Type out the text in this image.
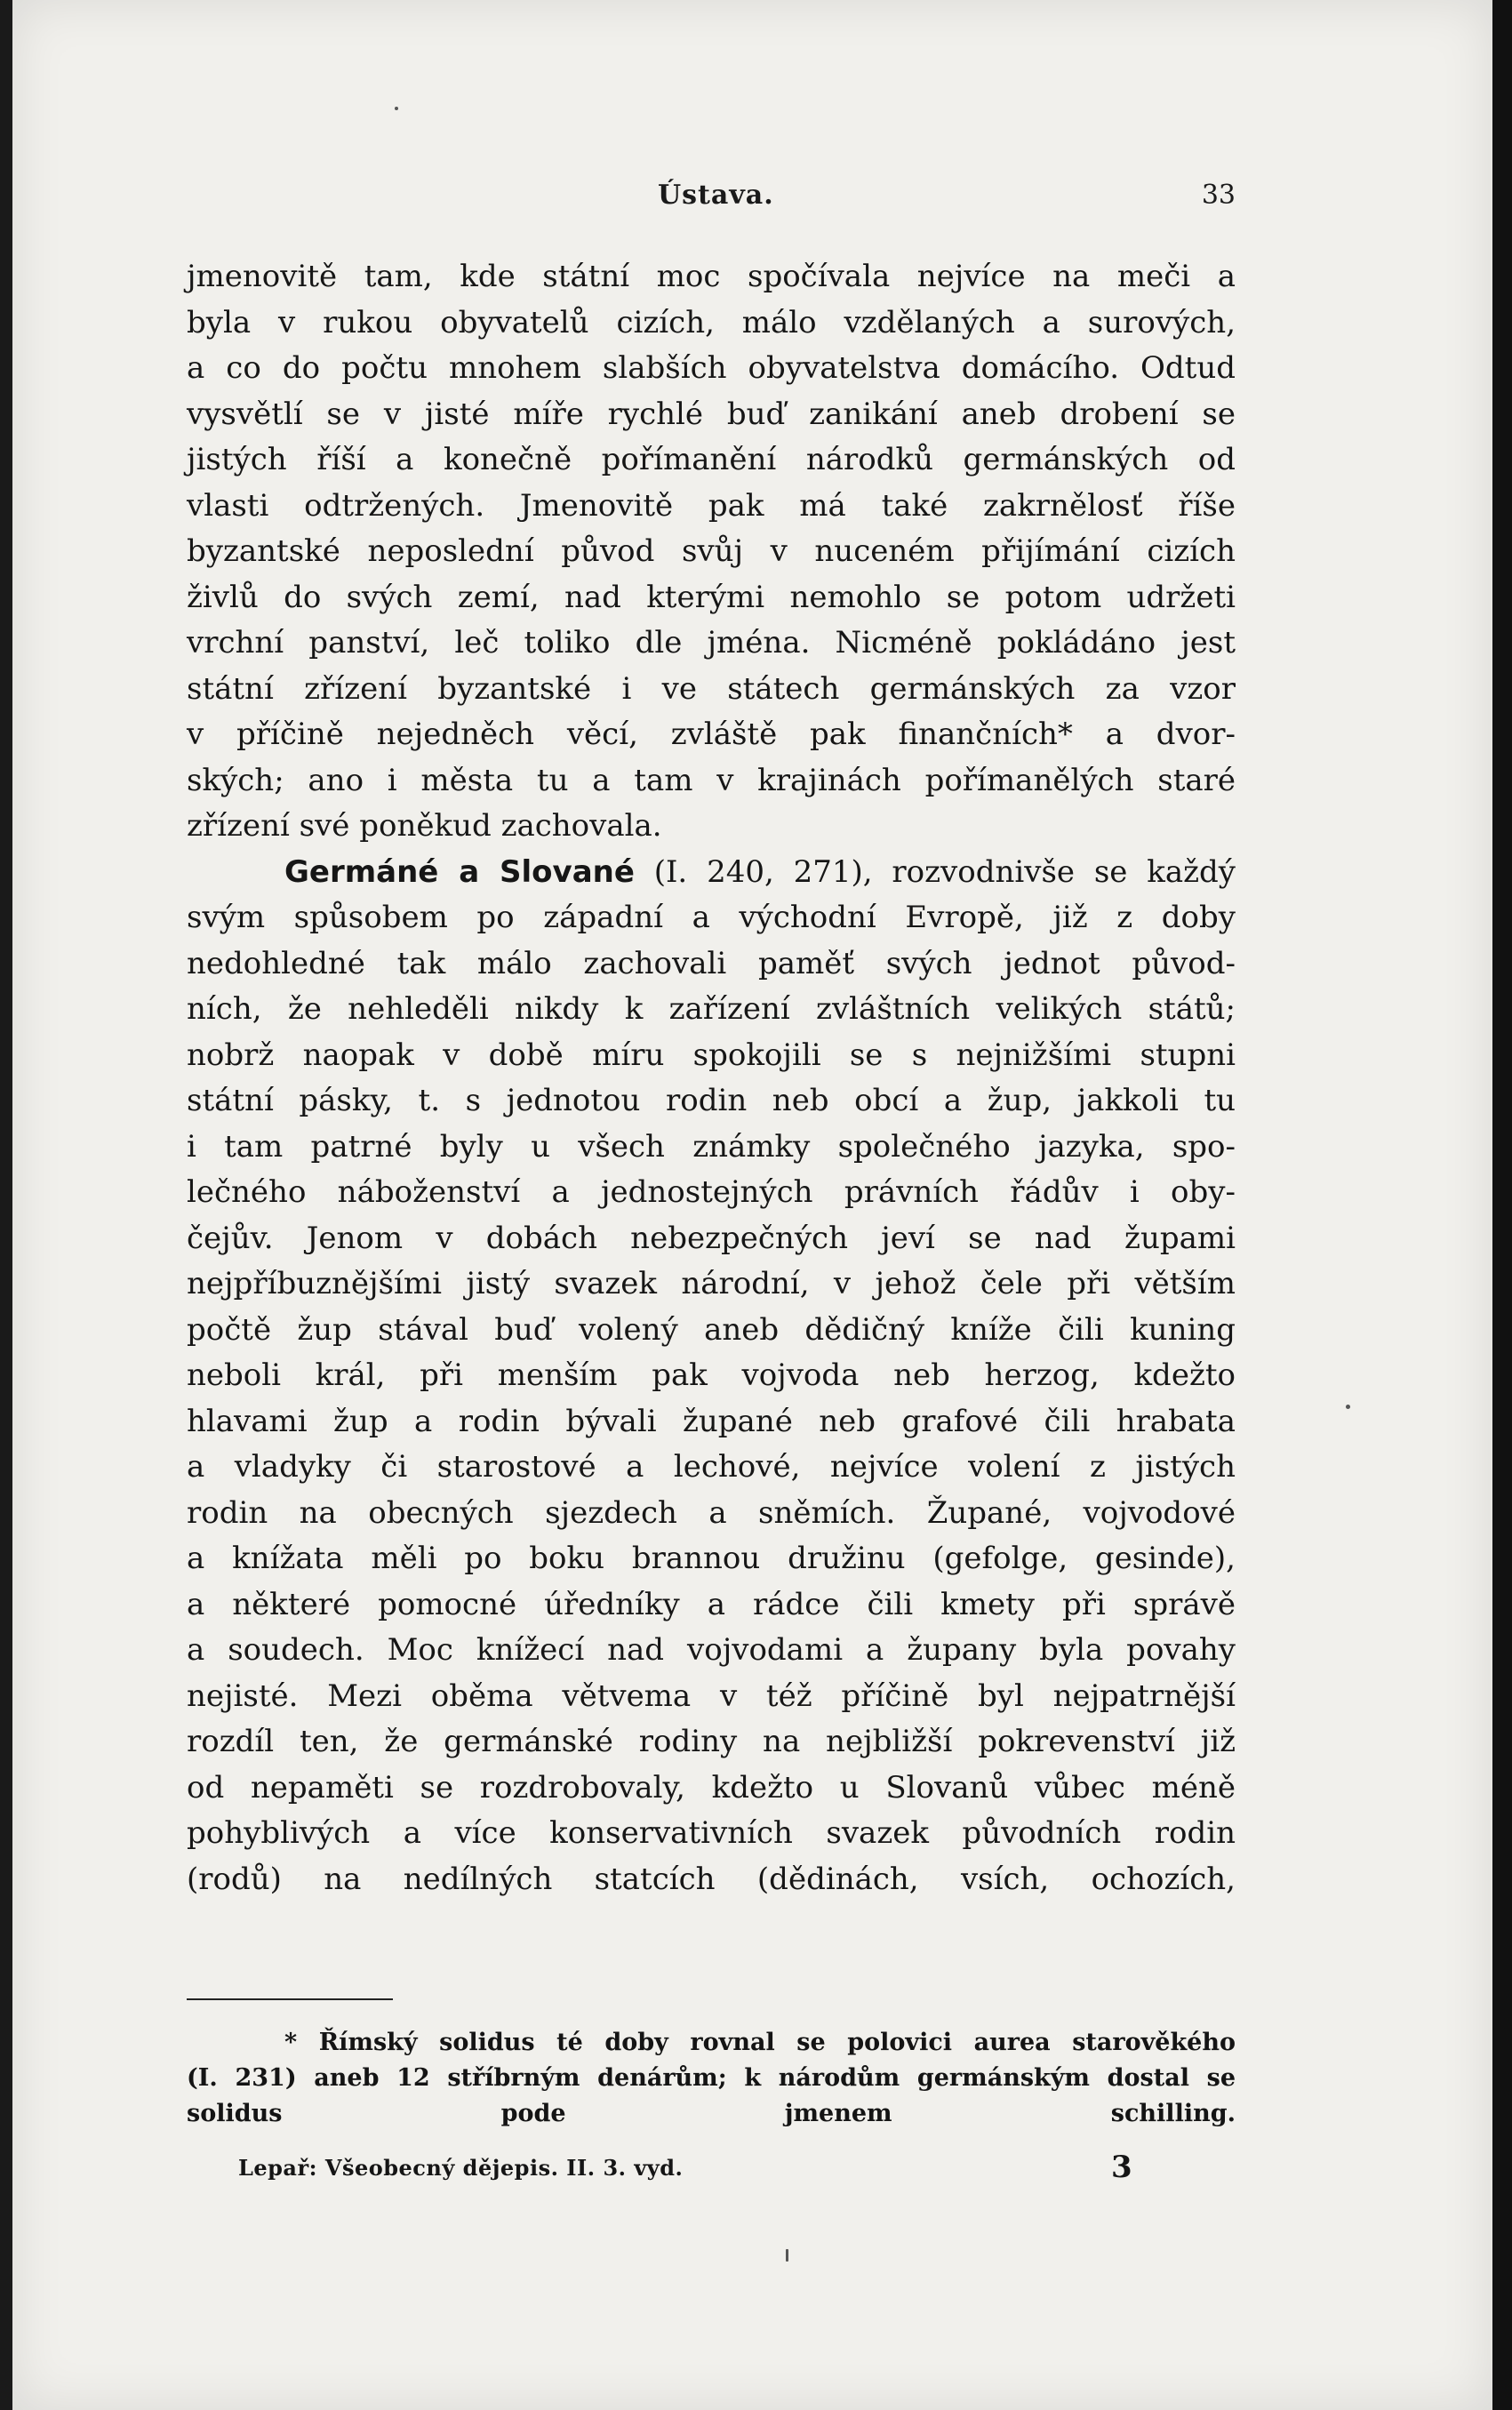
Ústava.	33
jmenovitě tam, kde státní moc spočívala nejvíce na meči a
byla v rukou obyvatelů cizích, málo vzdělaných a surových,
a co do počtu mnohem slabších obyvatelstva domácího. Odtud
vysvětlí se v jisté míře rychlé buď zanikání aneb drobení se
jistých říší a konečně pořímanění národků germánských od
vlasti odtržených. Jmenovitě pak má také zakrnělosť říše
byzantské neposlední původ svůj v nuceném přijímání cizích
živlů do svých zemí, nad kterými nemohlo se potom udržeti
vrchní panství, leč toliko dle jména. Nicméně pokládáno jest
státní zřízení byzantské i ve státech germánských za vzor
v příčině nejedněch věcí, zvláště pak finančních* a dvor-
ských; ano i města tu a tam v krajinách pořímanělých staré
zřízení své poněkud zachovala.
Germáné a Slované (I. 240, 271), rozvodnivše se každý
svým spůsobem po západní a východní Evropě, již z doby
nedohledné tak málo zachovali paměť svých jednot původ-
ních, že nehleděli nikdy k zařízení zvláštních velikých států;
nobrž naopak v době míru spokojili se s nejnižšími stupni
státní pásky, t. s jednotou rodin neb obcí a žup, jakkoli tu
i tam patrné byly u všech známky společného jazyka, spo-
lečného náboženství a jednostejných právních řádův i oby-
čejův. Jenom v dobách nebezpečných jeví se nad župami
nejpříbuznějšími jistý svazek národní, v jehož čele při větším
počtě žup stával buď volený aneb dědičný kníže čili kuning
neboli král, při menším pak vojvoda neb herzog, kdežto
hlavami žup a rodin bývali župané neb grafové čili hrabata
a vladyky či starostové a lechové, nejvíce volení z jistých
rodin na obecných sjezdech a sněmích. Župané, vojvodové
a knížata měli po boku brannou družinu (gefolge, gesinde),
a některé pomocné úředníky a rádce čili kmety při správě
a soudech. Moc knížecí nad vojvodami a župany byla povahy
nejisté. Mezi oběma větvema v též příčině byl nejpatrnější
rozdíl ten, že germánské rodiny na nejbližší pokrevenství již
od nepaměti se rozdrobovaly, kdežto u Slovanů vůbec méně
pohyblivých a více konservativních svazek původních rodin
(rodů) na nedílných statcích (dědinách, vsích, ochozích,
* Římský solidus té doby rovnal se polovici aurea starověkého
(I. 231) aneb 12 stříbrným denárům; k národům germánským dostal se
solidus pode jmenem schilling.
Lepař: Všeobecný dějepis. II. 3. vyd.	3
